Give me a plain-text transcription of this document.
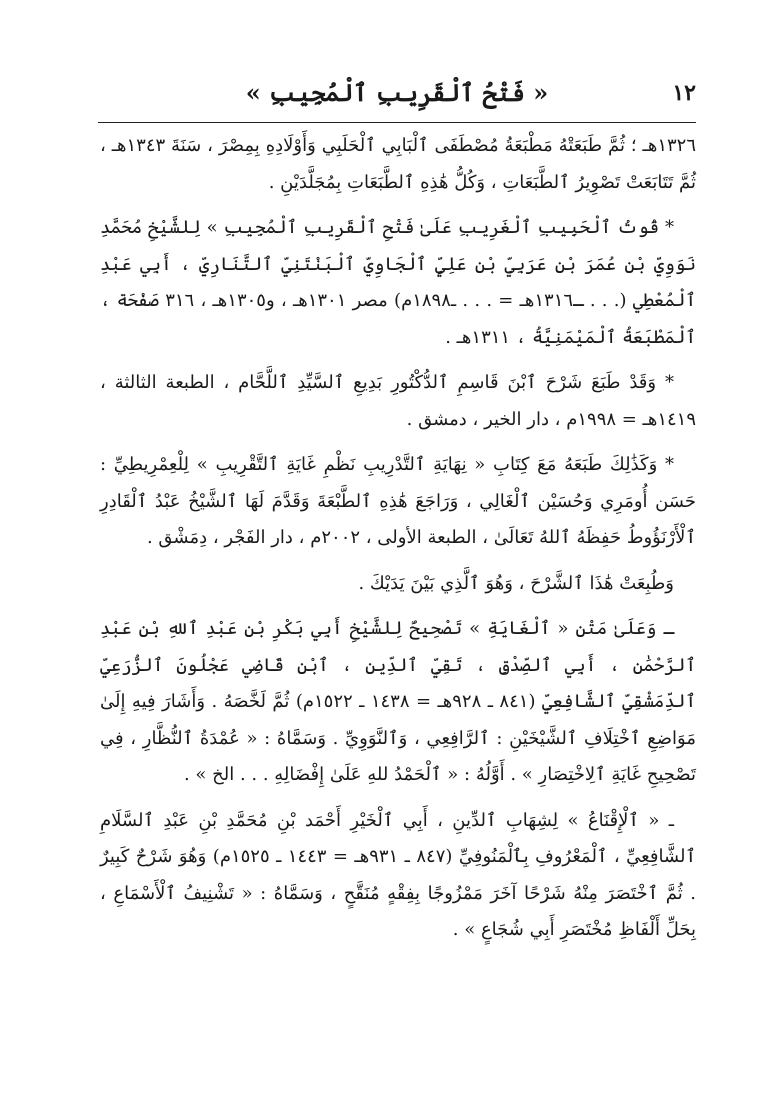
١٢
« فَتْحُ ٱلْقَرِيبِ ٱلْمُجِيبِ »

١٣٢٦هـ ؛ ثُمَّ طَبَعَتْهُ مَطْبَعَةُ مُصْطَفَى ٱلْبَابِي ٱلْحَلَبِي وَأَوْلَادِهِ بِمِصْرَ ، سَنَةَ ١٣٤٣هـ ، ثُمَّ تَتَابَعَتْ تَصْوِيرُ ٱلطَّبَعَاتِ ، وَكُلُّ هَٰذِهِ ٱلطَّبَعَاتِ بِمُجَلَّدَيْنِ .

* قُوتُ ٱلْحَبِيبِ ٱلْغَرِيبِ عَلَىٰ فَتْحِ ٱلْقَرِيبِ ٱلْمُجِيبِ » لِلشَّيْخِ مُحَمَّدِ نَوَوِيِّ بْنِ عُمَرَ بْنِ عَرَبِيِّ بْنِ عَلِيٍّ ٱلْجَاوِيِّ ٱلْبَنْتَنِيِّ ٱلتَّنَارِيِّ ، أَبِي عَبْدِ ٱلْمُعْطِي (. . . ـ١٣١٦هـ = . . . ـ١٨٩٨م) مصر ١٣٠١هـ ، و١٣٠٥هـ ، ٣١٦ صَفْحَة ، ٱلْمَطْبَعَةُ ٱلْمَيْمَنِيَّةُ ، ١٣١١هـ .

* وَقَدْ طَبَعَ شَرْحَ ٱبْنَ قَاسِمِ ٱلدُّكْتُورِ بَدِيعِ ٱلسَّيِّدِ ٱللَّحَّام ، الطبعة الثالثة ، ١٤١٩هـ = ١٩٩٨م ، دار الخير ، دمشق .

* وَكَذَٰلِكَ طَبَعَهُ مَعَ كِتَابِ « نِهَايَةِ ٱلتَّدْرِيبِ نَظْمِ غَايَةِ ٱلتَّقْرِيبِ » لِلْعِمْرِيطِيِّ : حَسَن أُومَرِي وَحُسَيْن ٱلْغَالِي ، وَرَاجَعَ هَٰذِهِ ٱلطَّبْعَةَ وَقَدَّمَ لَهَا ٱلشَّيْخُ عَبْدُ ٱلْقَادِرِ ٱلْأَرْنَؤُوطُ حَفِظَهُ ٱللهُ تَعَالَىٰ ، الطبعة الأولى ، ٢٠٠٢م ، دار الفَجْر ، دِمَشْق .

وَطُبِعَتْ هَٰذَا ٱلشَّرْحَ ، وَهُوَ ٱلَّذِي بَيْنَ يَدَيْكَ .

ـ وَعَلَىٰ مَتْنِ « ٱلْغَايَةِ » تَصْحِيحٌ لِلشَّيْخِ أَبِي بَكْرِ بْنِ عَبْدِ ٱللهِ بْنِ عَبْدِ ٱلرَّحْمَٰنِ ، أَبِي ٱلصِّدْقِ ، تَقِيِّ ٱلدِّينِ ، ٱبْنِ قَاضِي عَجْلُونَ ٱلزُّرَعِيِّ ٱلدِّمَشْقِيِّ ٱلشَّافِعِيِّ (٨٤١ ـ ٩٢٨هـ = ١٤٣٨ ـ ١٥٢٢م) ثُمَّ لَخَّصَهُ . وَأَشَارَ فِيهِ إِلَىٰ مَوَاضِعِ ٱخْتِلَافِ ٱلشَّيْخَيْنِ : ٱلرَّافِعِي ، وَٱلنَّوَوِيِّ . وَسَمَّاهُ : « عُمْدَةُ ٱلنُّظَّارِ ، فِي تَصْحِيحِ غَايَةِ ٱلِاخْتِصَارِ » . أَوَّلُهُ : « ٱلْحَمْدُ للهِ عَلَىٰ إِفْضَالِهِ . . . الخ » .

ـ « ٱلْإِقْنَاعُ » لِشِهَابِ ٱلدِّينِ ، أَبِي ٱلْخَيْرِ أَحْمَد بْنِ مُحَمَّدِ بْنِ عَبْدِ ٱلسَّلَامِ ٱلشَّافِعِيِّ ، ٱلْمَعْرُوفِ بِٱلْمَنُوفِيِّ (٨٤٧ ـ ٩٣١هـ = ١٤٤٣ ـ ١٥٢٥م) وَهُوَ شَرْحٌ كَبِيرٌ . ثُمَّ ٱخْتَصَرَ مِنْهُ شَرْحًا آخَرَ مَمْزُوجًا بِفِقْهٍ مُنَقَّحٍ ، وَسَمَّاهُ : « تَشْنِيفُ ٱلْأَسْمَاعِ ، بِحَلِّ أَلْفَاظِ مُخْتَصَرِ أَبِي شُجَاعٍ » .
